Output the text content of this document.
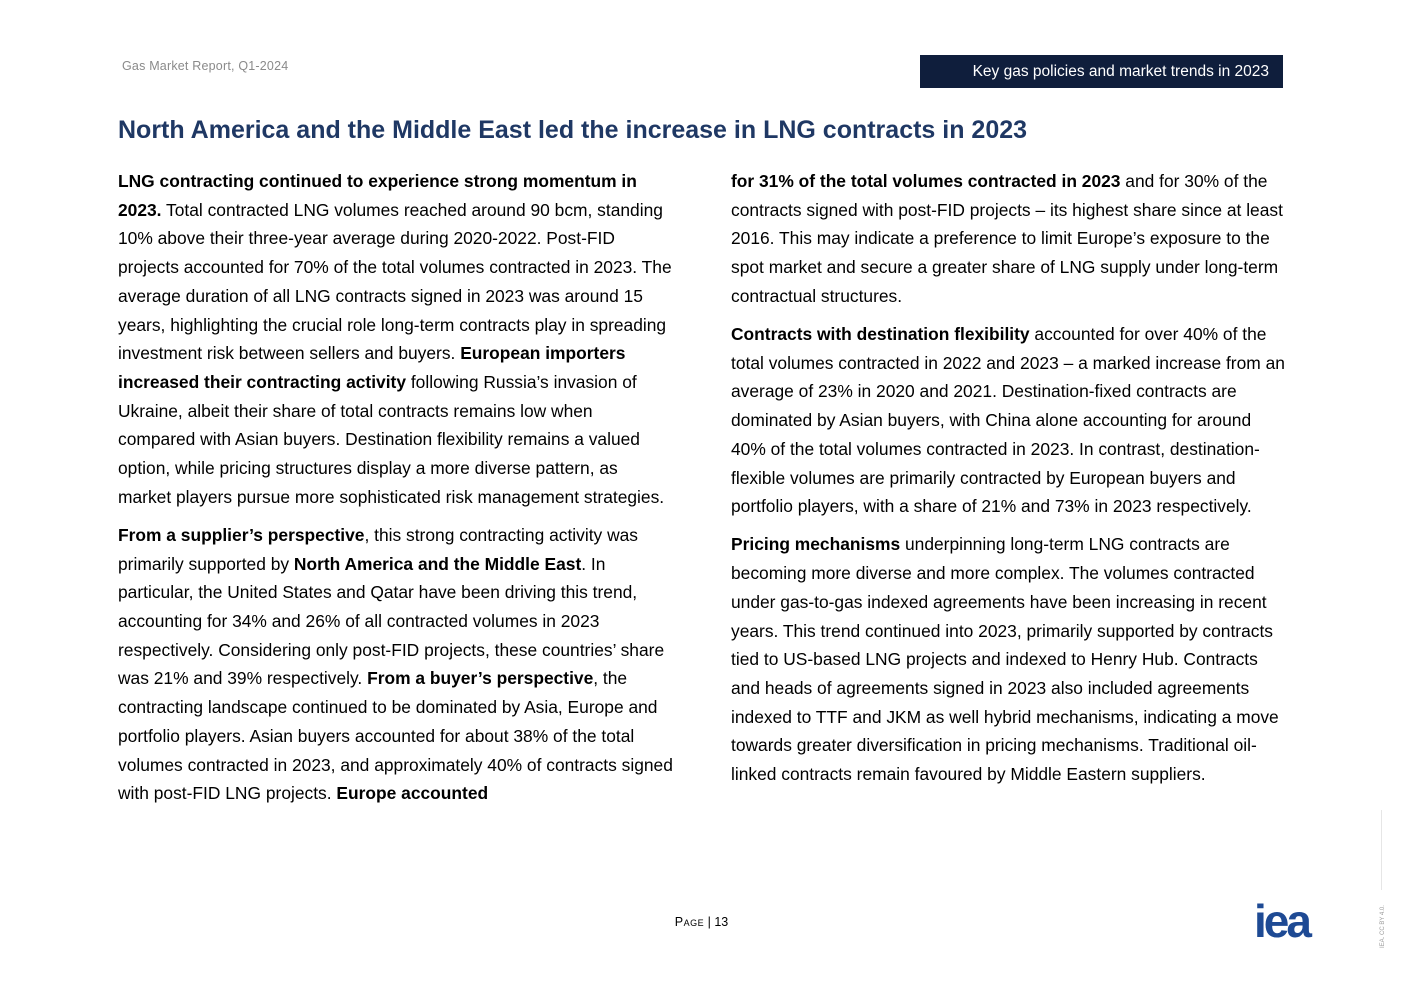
Gas Market Report, Q1-2024	Key gas policies and market trends in 2023
North America and the Middle East led the increase in LNG contracts in 2023

LNG contracting continued to experience strong momentum in 2023. Total contracted LNG volumes reached around 90 bcm, standing 10% above their three-year average during 2020-2022. Post-FID projects accounted for 70% of the total volumes contracted in 2023. The average duration of all LNG contracts signed in 2023 was around 15 years, highlighting the crucial role long-term contracts play in spreading investment risk between sellers and buyers. European importers increased their contracting activity following Russia’s invasion of Ukraine, albeit their share of total contracts remains low when compared with Asian buyers. Destination flexibility remains a valued option, while pricing structures display a more diverse pattern, as market players pursue more sophisticated risk management strategies.

From a supplier’s perspective, this strong contracting activity was primarily supported by North America and the Middle East. In particular, the United States and Qatar have been driving this trend, accounting for 34% and 26% of all contracted volumes in 2023 respectively. Considering only post-FID projects, these countries’ share was 21% and 39% respectively. From a buyer’s perspective, the contracting landscape continued to be dominated by Asia, Europe and portfolio players. Asian buyers accounted for about 38% of the total volumes contracted in 2023, and approximately 40% of contracts signed with post-FID LNG projects. Europe accounted

for 31% of the total volumes contracted in 2023 and for 30% of the contracts signed with post-FID projects – its highest share since at least 2016. This may indicate a preference to limit Europe’s exposure to the spot market and secure a greater share of LNG supply under long-term contractual structures.

Contracts with destination flexibility accounted for over 40% of the total volumes contracted in 2022 and 2023 – a marked increase from an average of 23% in 2020 and 2021. Destination-fixed contracts are dominated by Asian buyers, with China alone accounting for around 40% of the total volumes contracted in 2023. In contrast, destination-flexible volumes are primarily contracted by European buyers and portfolio players, with a share of 21% and 73% in 2023 respectively.

Pricing mechanisms underpinning long-term LNG contracts are becoming more diverse and more complex. The volumes contracted under gas-to-gas indexed agreements have been increasing in recent years. This trend continued into 2023, primarily supported by contracts tied to US-based LNG projects and indexed to Henry Hub. Contracts and heads of agreements signed in 2023 also included agreements indexed to TTF and JKM as well hybrid mechanisms, indicating a move towards greater diversification in pricing mechanisms. Traditional oil-linked contracts remain favoured by Middle Eastern suppliers.

Page | 13	iea	IEA. CC BY 4.0.
